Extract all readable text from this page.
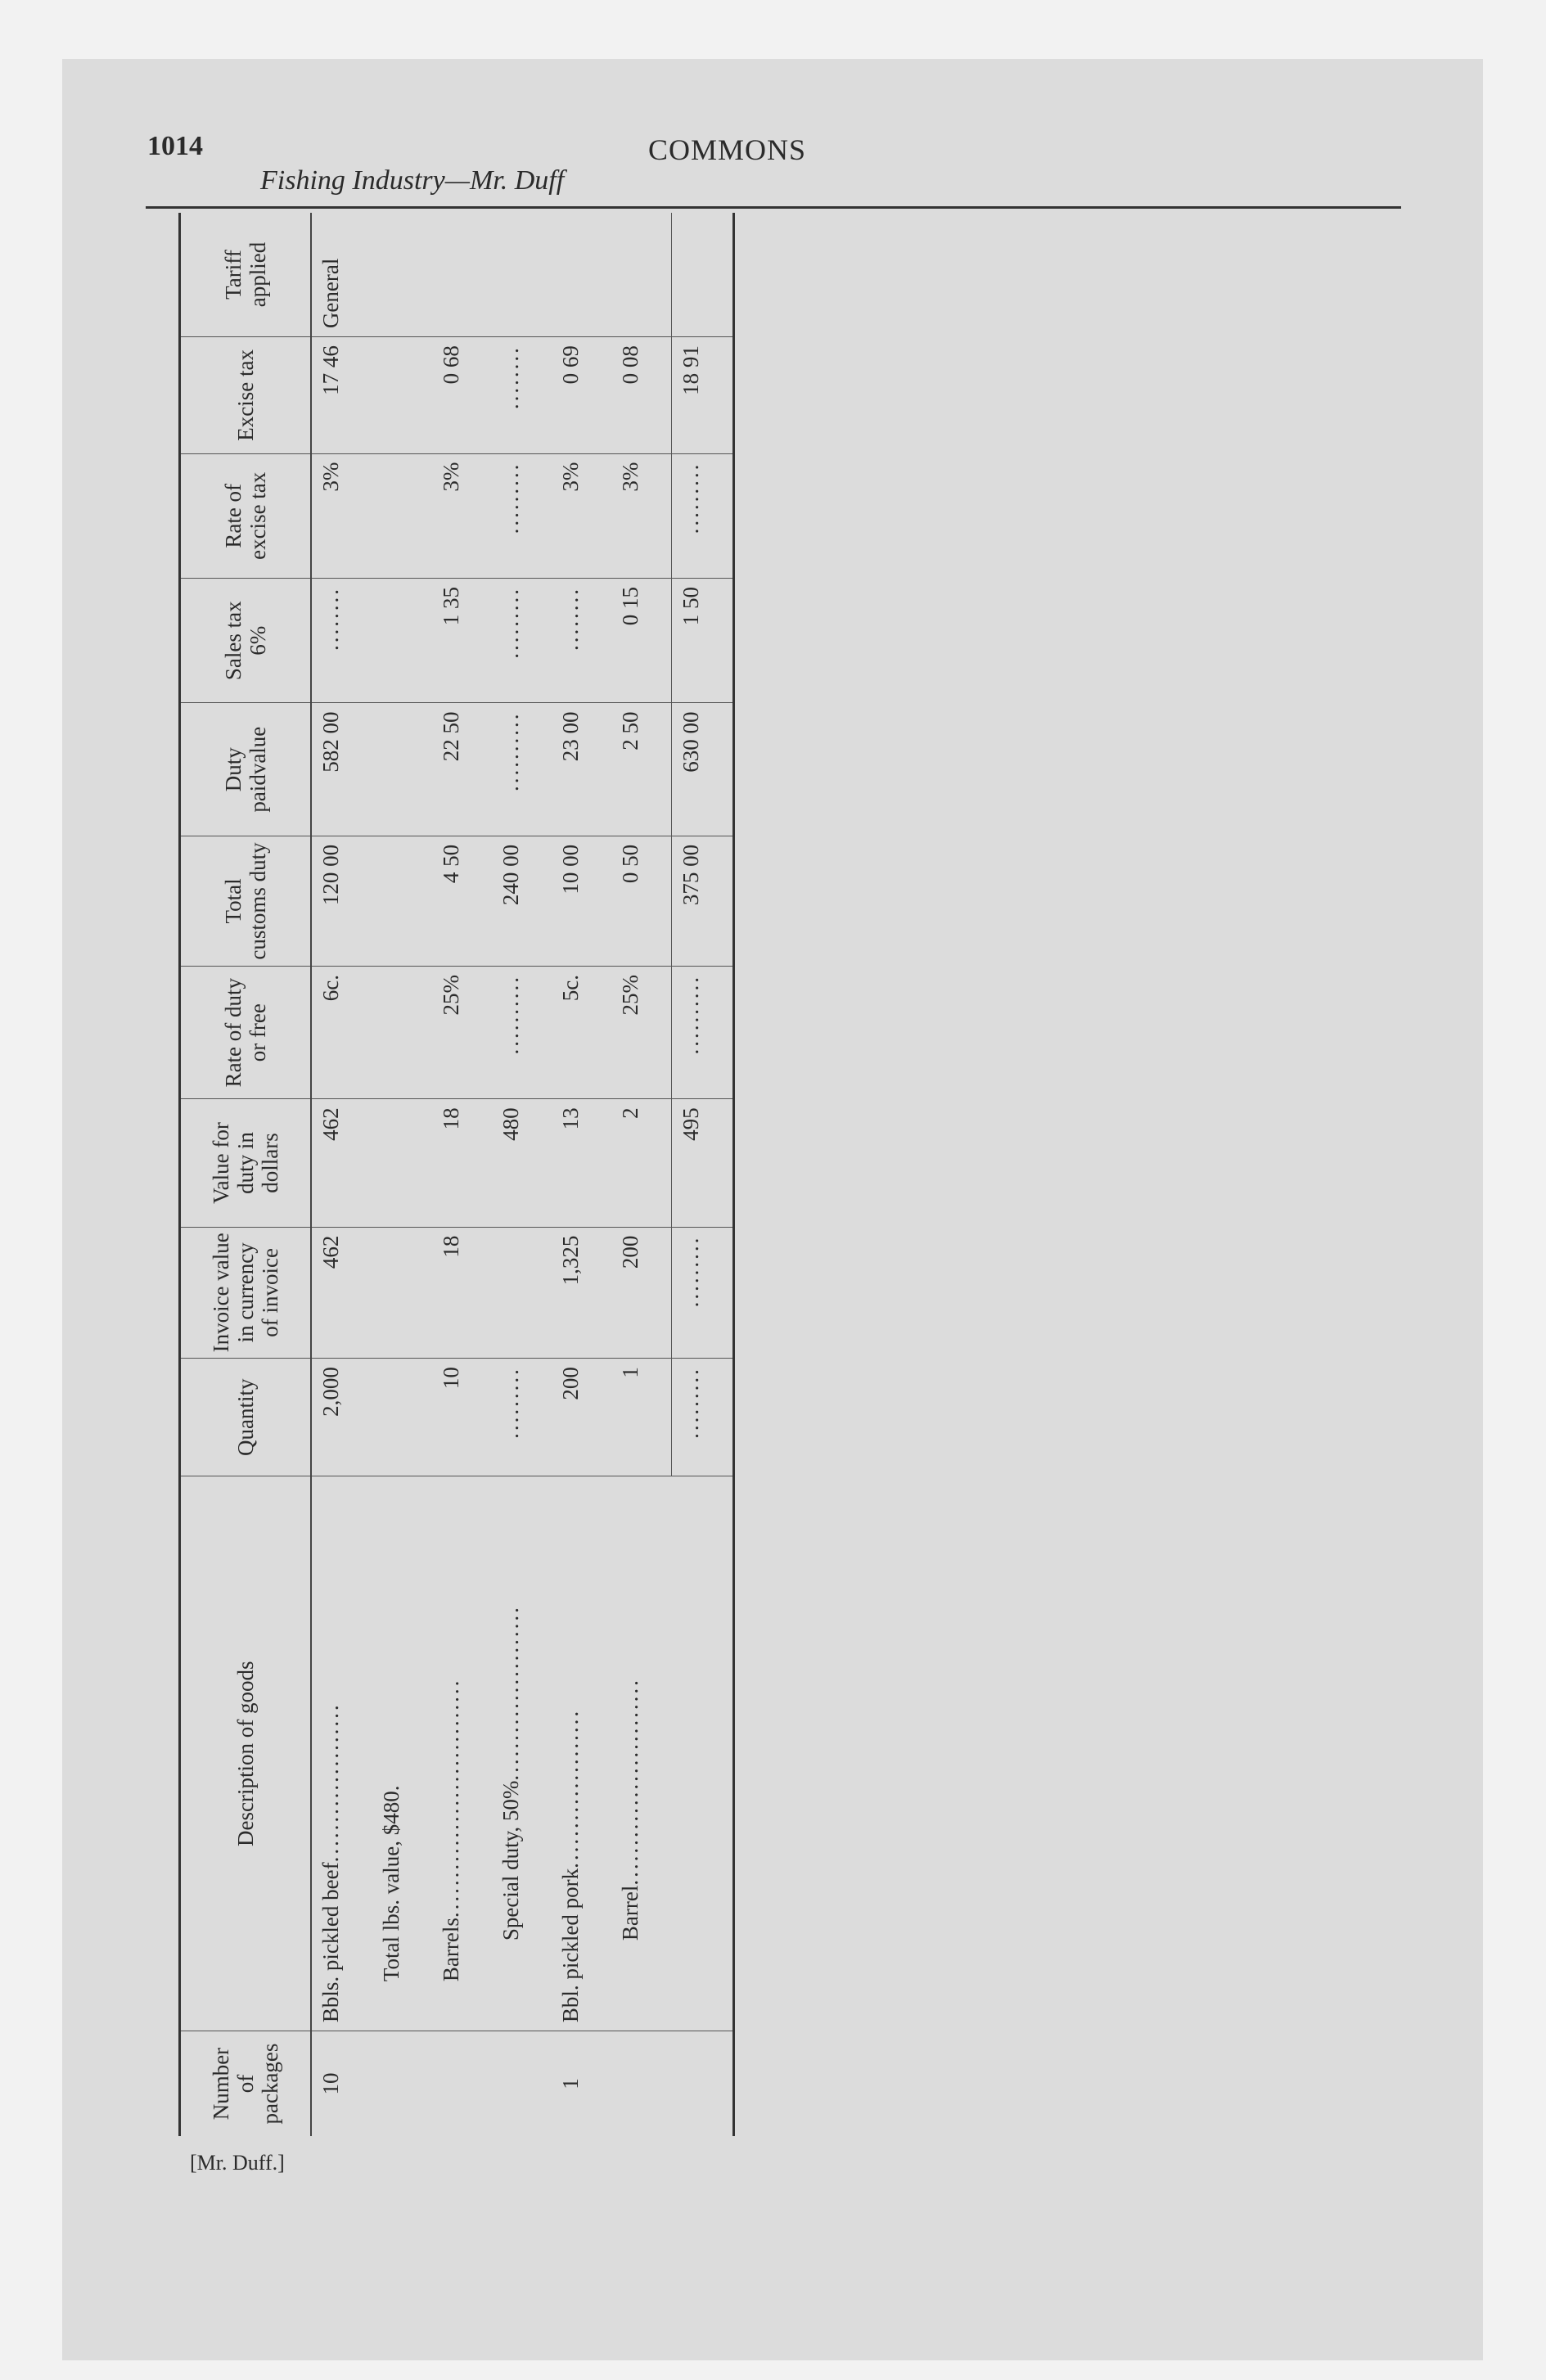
1014	COMMONS
Fishing Industry—Mr. Duff
Number of packages	Description of goods	Quantity	Invoice value in currency of invoice	Value for duty in dollars	Rate of duty or free	Total customs duty	Duty paidvalue	Sales tax 6%	Rate of excise tax	Excise tax	Tariff applied
10	Bbls. pickled beef....................	2,000	462	462	6c.	120 00	582 00	........	3%	17 46	General
	Total lbs. value, $480.										
	Barrels..............................	10	18	18	25%	4 50	22 50	1 35	3%	0 68	
	Special duty, 50%......................	.........		480	..........	240 00	..........	.........	.........	........	
1	Bbl. pickled pork....................	200	1,325	13	5c.	10 00	23 00	........	3%	0 69	
	Barrel..........................	1	200	2	25%	0 50	2 50	0 15	3%	0 08	
		.........	.........	495	..........	375 00	630 00	1 50	.........	18 91	
[Mr. Duff.]
